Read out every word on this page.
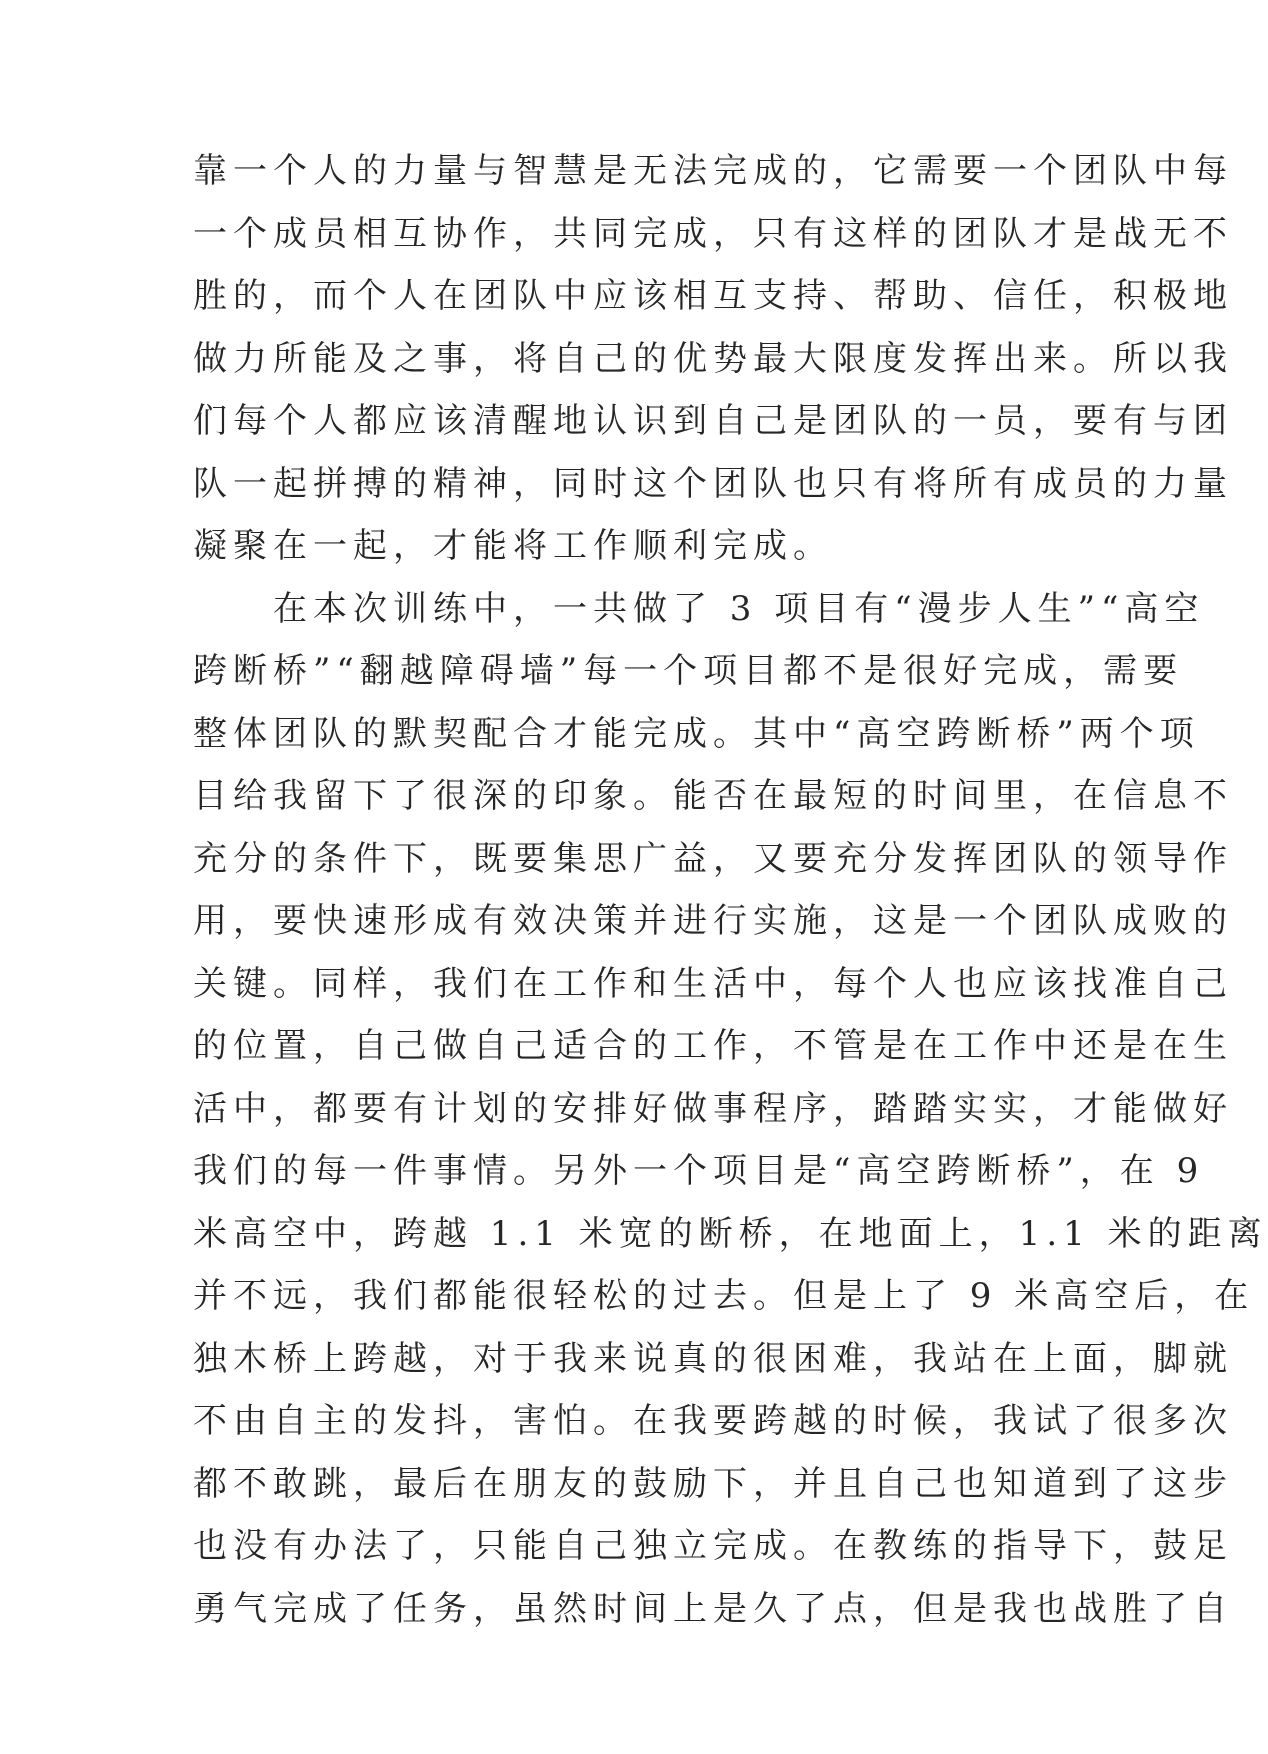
靠一个人的力量与智慧是无法完成的，它需要一个团队中每
一个成员相互协作，共同完成，只有这样的团队才是战无不
胜的，而个人在团队中应该相互支持、帮助、信任，积极地
做力所能及之事，将自己的优势最大限度发挥出来。所以我
们每个人都应该清醒地认识到自己是团队的一员，要有与团
队一起拼搏的精神，同时这个团队也只有将所有成员的力量
凝聚在一起，才能将工作顺利完成。
　　在本次训练中，一共做了 3 项目有“漫步人生”“高空
跨断桥”“翻越障碍墙”每一个项目都不是很好完成，需要
整体团队的默契配合才能完成。其中“高空跨断桥”两个项
目给我留下了很深的印象。能否在最短的时间里，在信息不
充分的条件下，既要集思广益，又要充分发挥团队的领导作
用，要快速形成有效决策并进行实施，这是一个团队成败的
关键。同样，我们在工作和生活中，每个人也应该找准自己
的位置，自己做自己适合的工作，不管是在工作中还是在生
活中，都要有计划的安排好做事程序，踏踏实实，才能做好
我们的每一件事情。另外一个项目是“高空跨断桥”，在 9
米高空中，跨越 1.1 米宽的断桥，在地面上，1.1 米的距离
并不远，我们都能很轻松的过去。但是上了 9 米高空后，在
独木桥上跨越，对于我来说真的很困难，我站在上面，脚就
不由自主的发抖，害怕。在我要跨越的时候，我试了很多次
都不敢跳，最后在朋友的鼓励下，并且自己也知道到了这步
也没有办法了，只能自己独立完成。在教练的指导下，鼓足
勇气完成了任务，虽然时间上是久了点，但是我也战胜了自
